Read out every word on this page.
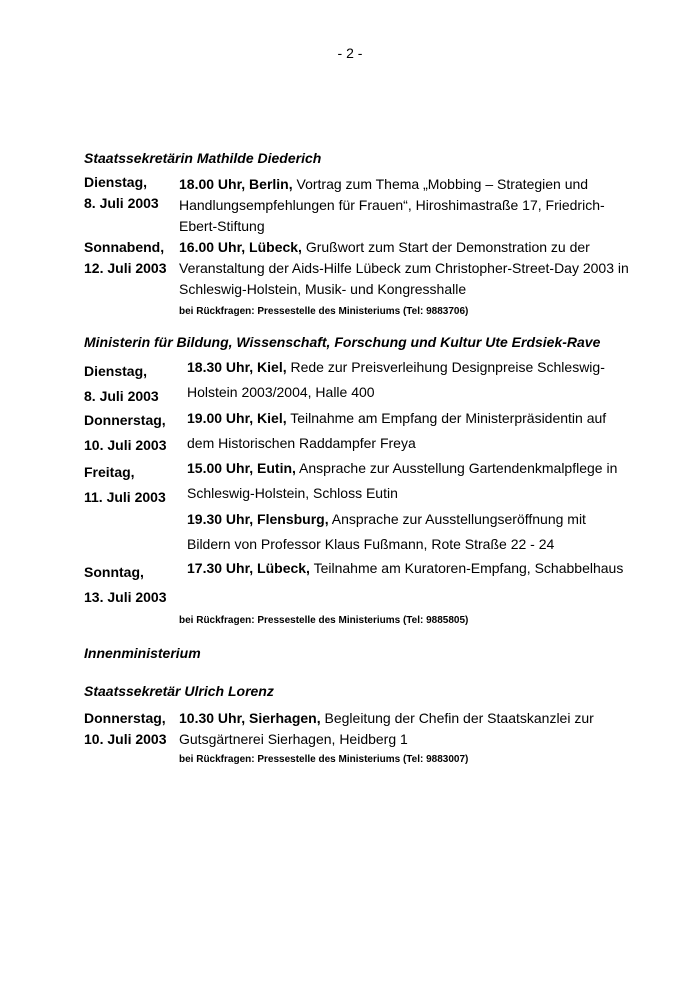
- 2 -
Staatssekretärin Mathilde Diederich
Dienstag,
8. Juli 2003
18.00 Uhr, Berlin, Vortrag zum Thema „Mobbing – Strategien und Handlungsempfehlungen für Frauen“, Hiroshimastraße 17, Friedrich-Ebert-Stiftung
Sonnabend,
12. Juli 2003
16.00 Uhr, Lübeck, Grußwort zum Start der Demonstration zu der Veranstaltung der Aids-Hilfe Lübeck zum Christopher-Street-Day 2003 in Schleswig-Holstein, Musik- und Kongresshalle
bei Rückfragen: Pressestelle des Ministeriums (Tel: 9883706)
Ministerin für Bildung, Wissenschaft, Forschung und Kultur Ute Erdsiek-Rave
Dienstag,
8. Juli 2003
18.30 Uhr, Kiel, Rede zur Preisverleihung Designpreise Schleswig-Holstein 2003/2004, Halle 400
Donnerstag,
10. Juli 2003
19.00 Uhr, Kiel, Teilnahme am Empfang der Ministerpräsidentin auf dem Historischen Raddampfer Freya
Freitag,
11. Juli 2003
15.00 Uhr, Eutin, Ansprache zur Ausstellung Gartendenkmalpflege in Schleswig-Holstein, Schloss Eutin
19.30 Uhr, Flensburg, Ansprache zur Ausstellungseröffnung mit Bildern von Professor Klaus Fußmann, Rote Straße 22 - 24
Sonntag,
13. Juli 2003
17.30 Uhr, Lübeck, Teilnahme am Kuratoren-Empfang, Schabbelhaus
bei Rückfragen: Pressestelle des Ministeriums (Tel: 9885805)
Innenministerium
Staatssekretär Ulrich Lorenz
Donnerstag,
10. Juli 2003
10.30 Uhr, Sierhagen, Begleitung der Chefin der Staatskanzlei zur Gutsgärtnerei Sierhagen, Heidberg 1
bei Rückfragen: Pressestelle des Ministeriums (Tel: 9883007)
